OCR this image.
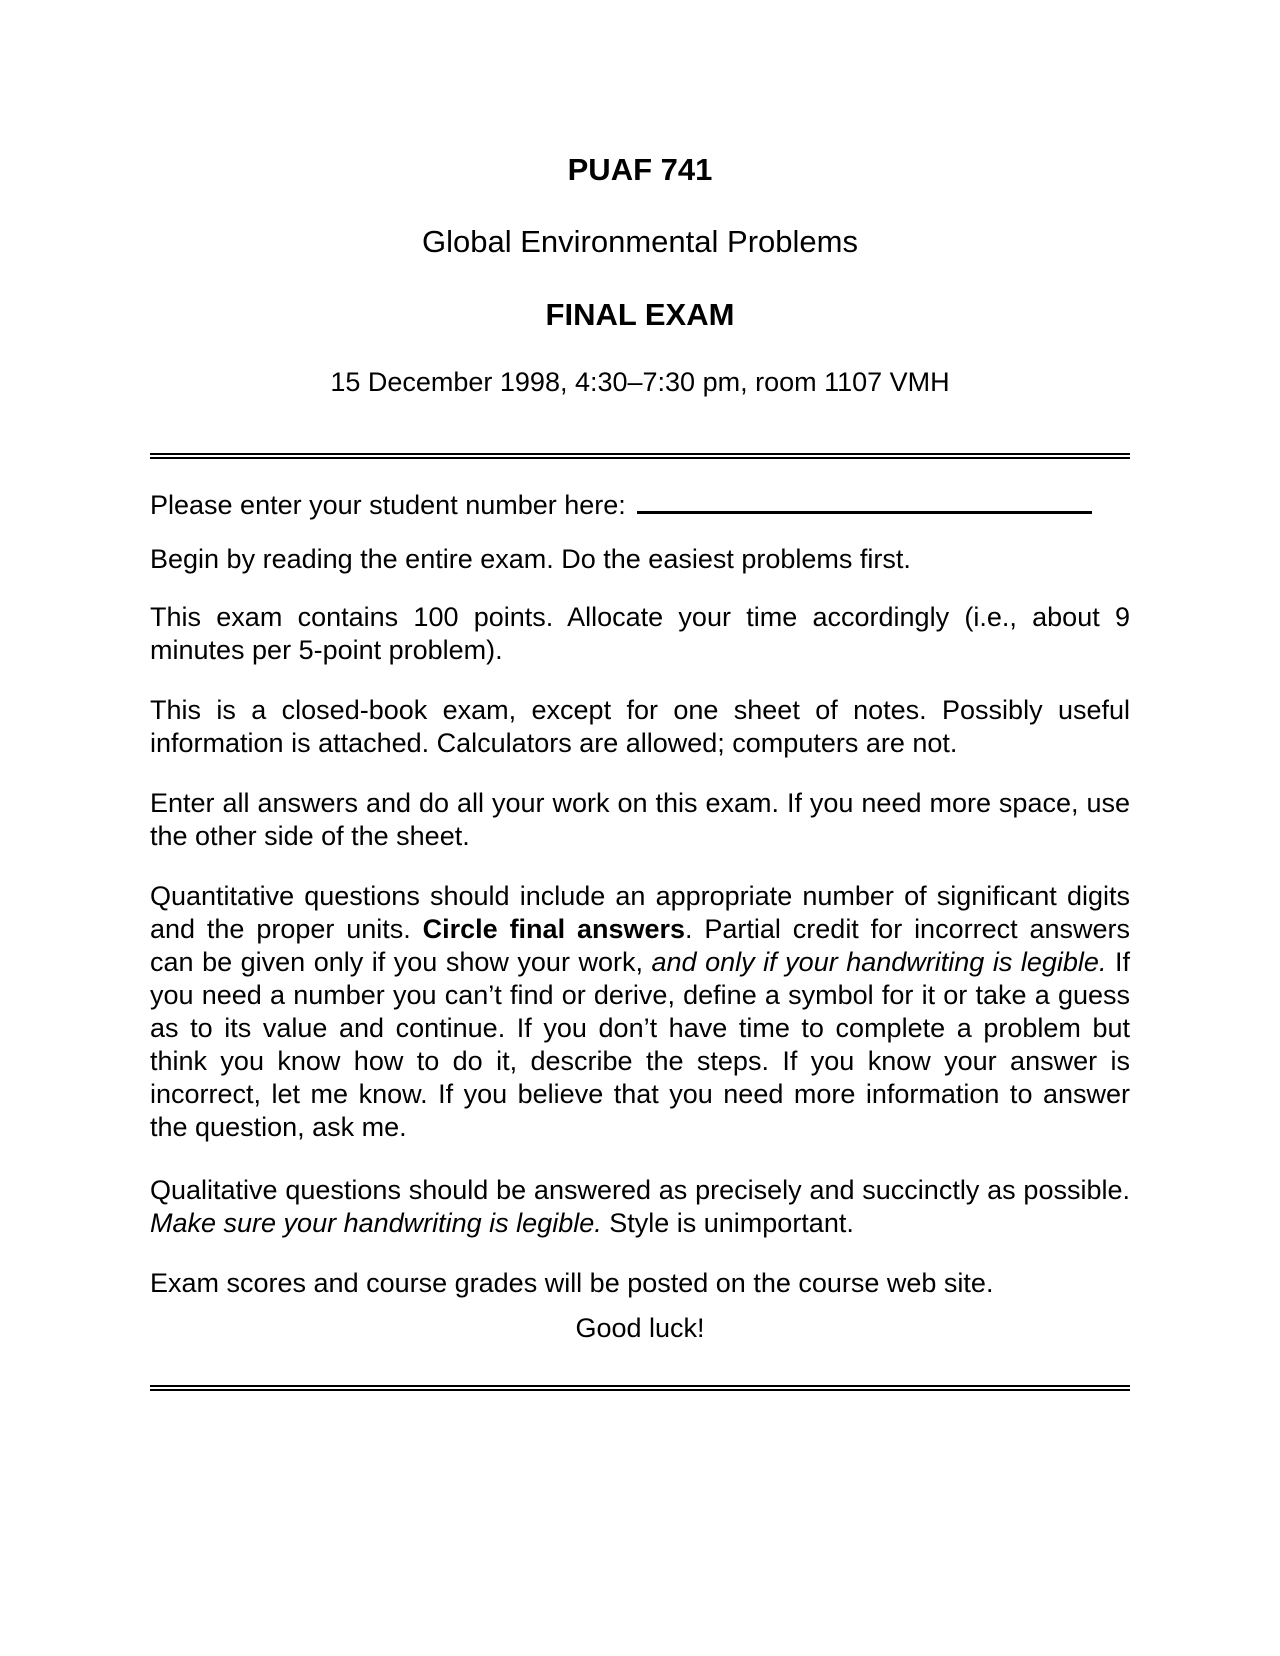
PUAF 741

Global Environmental Problems

FINAL EXAM

15 December 1998, 4:30–7:30 pm, room 1107 VMH

Please enter your student number here:

Begin by reading the entire exam. Do the easiest problems first.

This exam contains 100 points. Allocate your time accordingly (i.e., about 9 minutes per 5-point problem).

This is a closed-book exam, except for one sheet of notes. Possibly useful information is attached. Calculators are allowed; computers are not.

Enter all answers and do all your work on this exam. If you need more space, use the other side of the sheet.

Quantitative questions should include an appropriate number of significant digits and the proper units. Circle final answers. Partial credit for incorrect answers can be given only if you show your work, and only if your handwriting is legible. If you need a number you can’t find or derive, define a symbol for it or take a guess as to its value and continue. If you don’t have time to complete a problem but think you know how to do it, describe the steps. If you know your answer is incorrect, let me know. If you believe that you need more information to answer the question, ask me.

Qualitative questions should be answered as precisely and succinctly as possible. Make sure your handwriting is legible. Style is unimportant.

Exam scores and course grades will be posted on the course web site.

Good luck!
